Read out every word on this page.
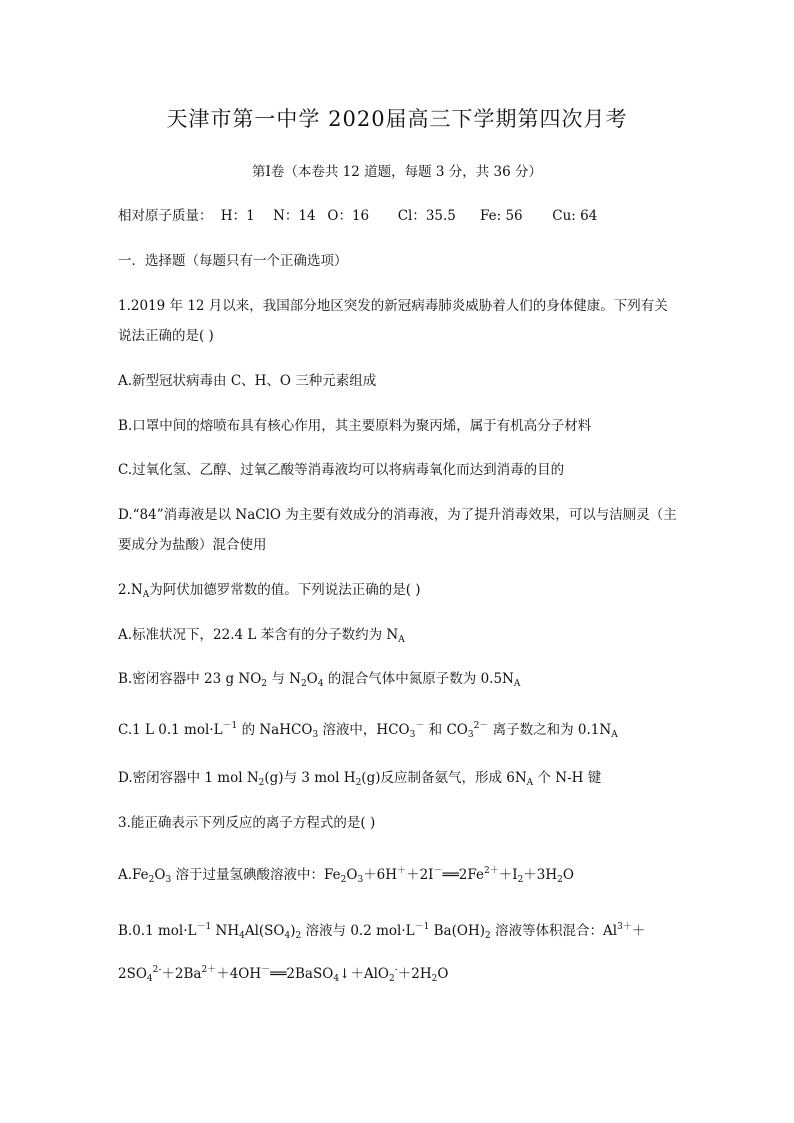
天津市第一中学 2020届高三下学期第四次月考
第Ⅰ卷（本卷共 12 道题，每题 3 分，共 36 分）
相对原子质量： H：1 N：14 O：16 Cl：35.5 Fe: 56 Cu: 64
一．选择题（每题只有一个正确选项）
1.2019 年 12 月以来，我国部分地区突发的新冠病毒肺炎威胁着人们的身体健康。下列有关
说法正确的是( )
A.新型冠状病毒由 C、H、O 三种元素组成
B.口罩中间的熔喷布具有核心作用，其主要原料为聚丙烯，属于有机高分子材料
C.过氧化氢、乙醇、过氧乙酸等消毒液均可以将病毒氧化而达到消毒的目的
D.“84”消毒液是以 NaClO 为主要有效成分的消毒液，为了提升消毒效果，可以与洁厕灵（主
要成分为盐酸）混合使用
$2.N_A$为阿伏加德罗常数的值。下列说法正确的是( )
A.标准状况下，22.4 L 苯含有的分子数约为 $N_A$
B.密闭容器中 23 g $NO_2$ 与 $N_2O_4$ 的混合气体中氮原子数为 $0.5N_A$
C.1 L 0.1 $mol\cdot L^{-1}$ 的 NaHCO$_3$ 溶液中，$HCO_3^-$ 和 $CO_3^{2-}$ 离子数之和为 $0.1N_A$
D.密闭容器中 1 mol $N_2(g)$与 3 mol $H_2(g)$反应制备氨气，形成 $6N_A$ 个 N-H 键
3.能正确表示下列反应的离子方程式的是( )
$A.Fe_2O_3$ 溶于过量氢碘酸溶液中：$Fe_2O_3+6H^++2I^-══2Fe^{2+}+I_2+3H_2O$
B.0.1 $mol\cdot L^{-1}$ $NH_4Al(SO_4)_2$ 溶液与 0.2 $mol\cdot L^{-1}$ $Ba(OH)_2$ 溶液等体积混合：$Al^{3+}+$
$2SO_4^{2-}+2Ba^{2+}+4OH^-══2BaSO_4↓+AlO_2^-+2H_2O$
